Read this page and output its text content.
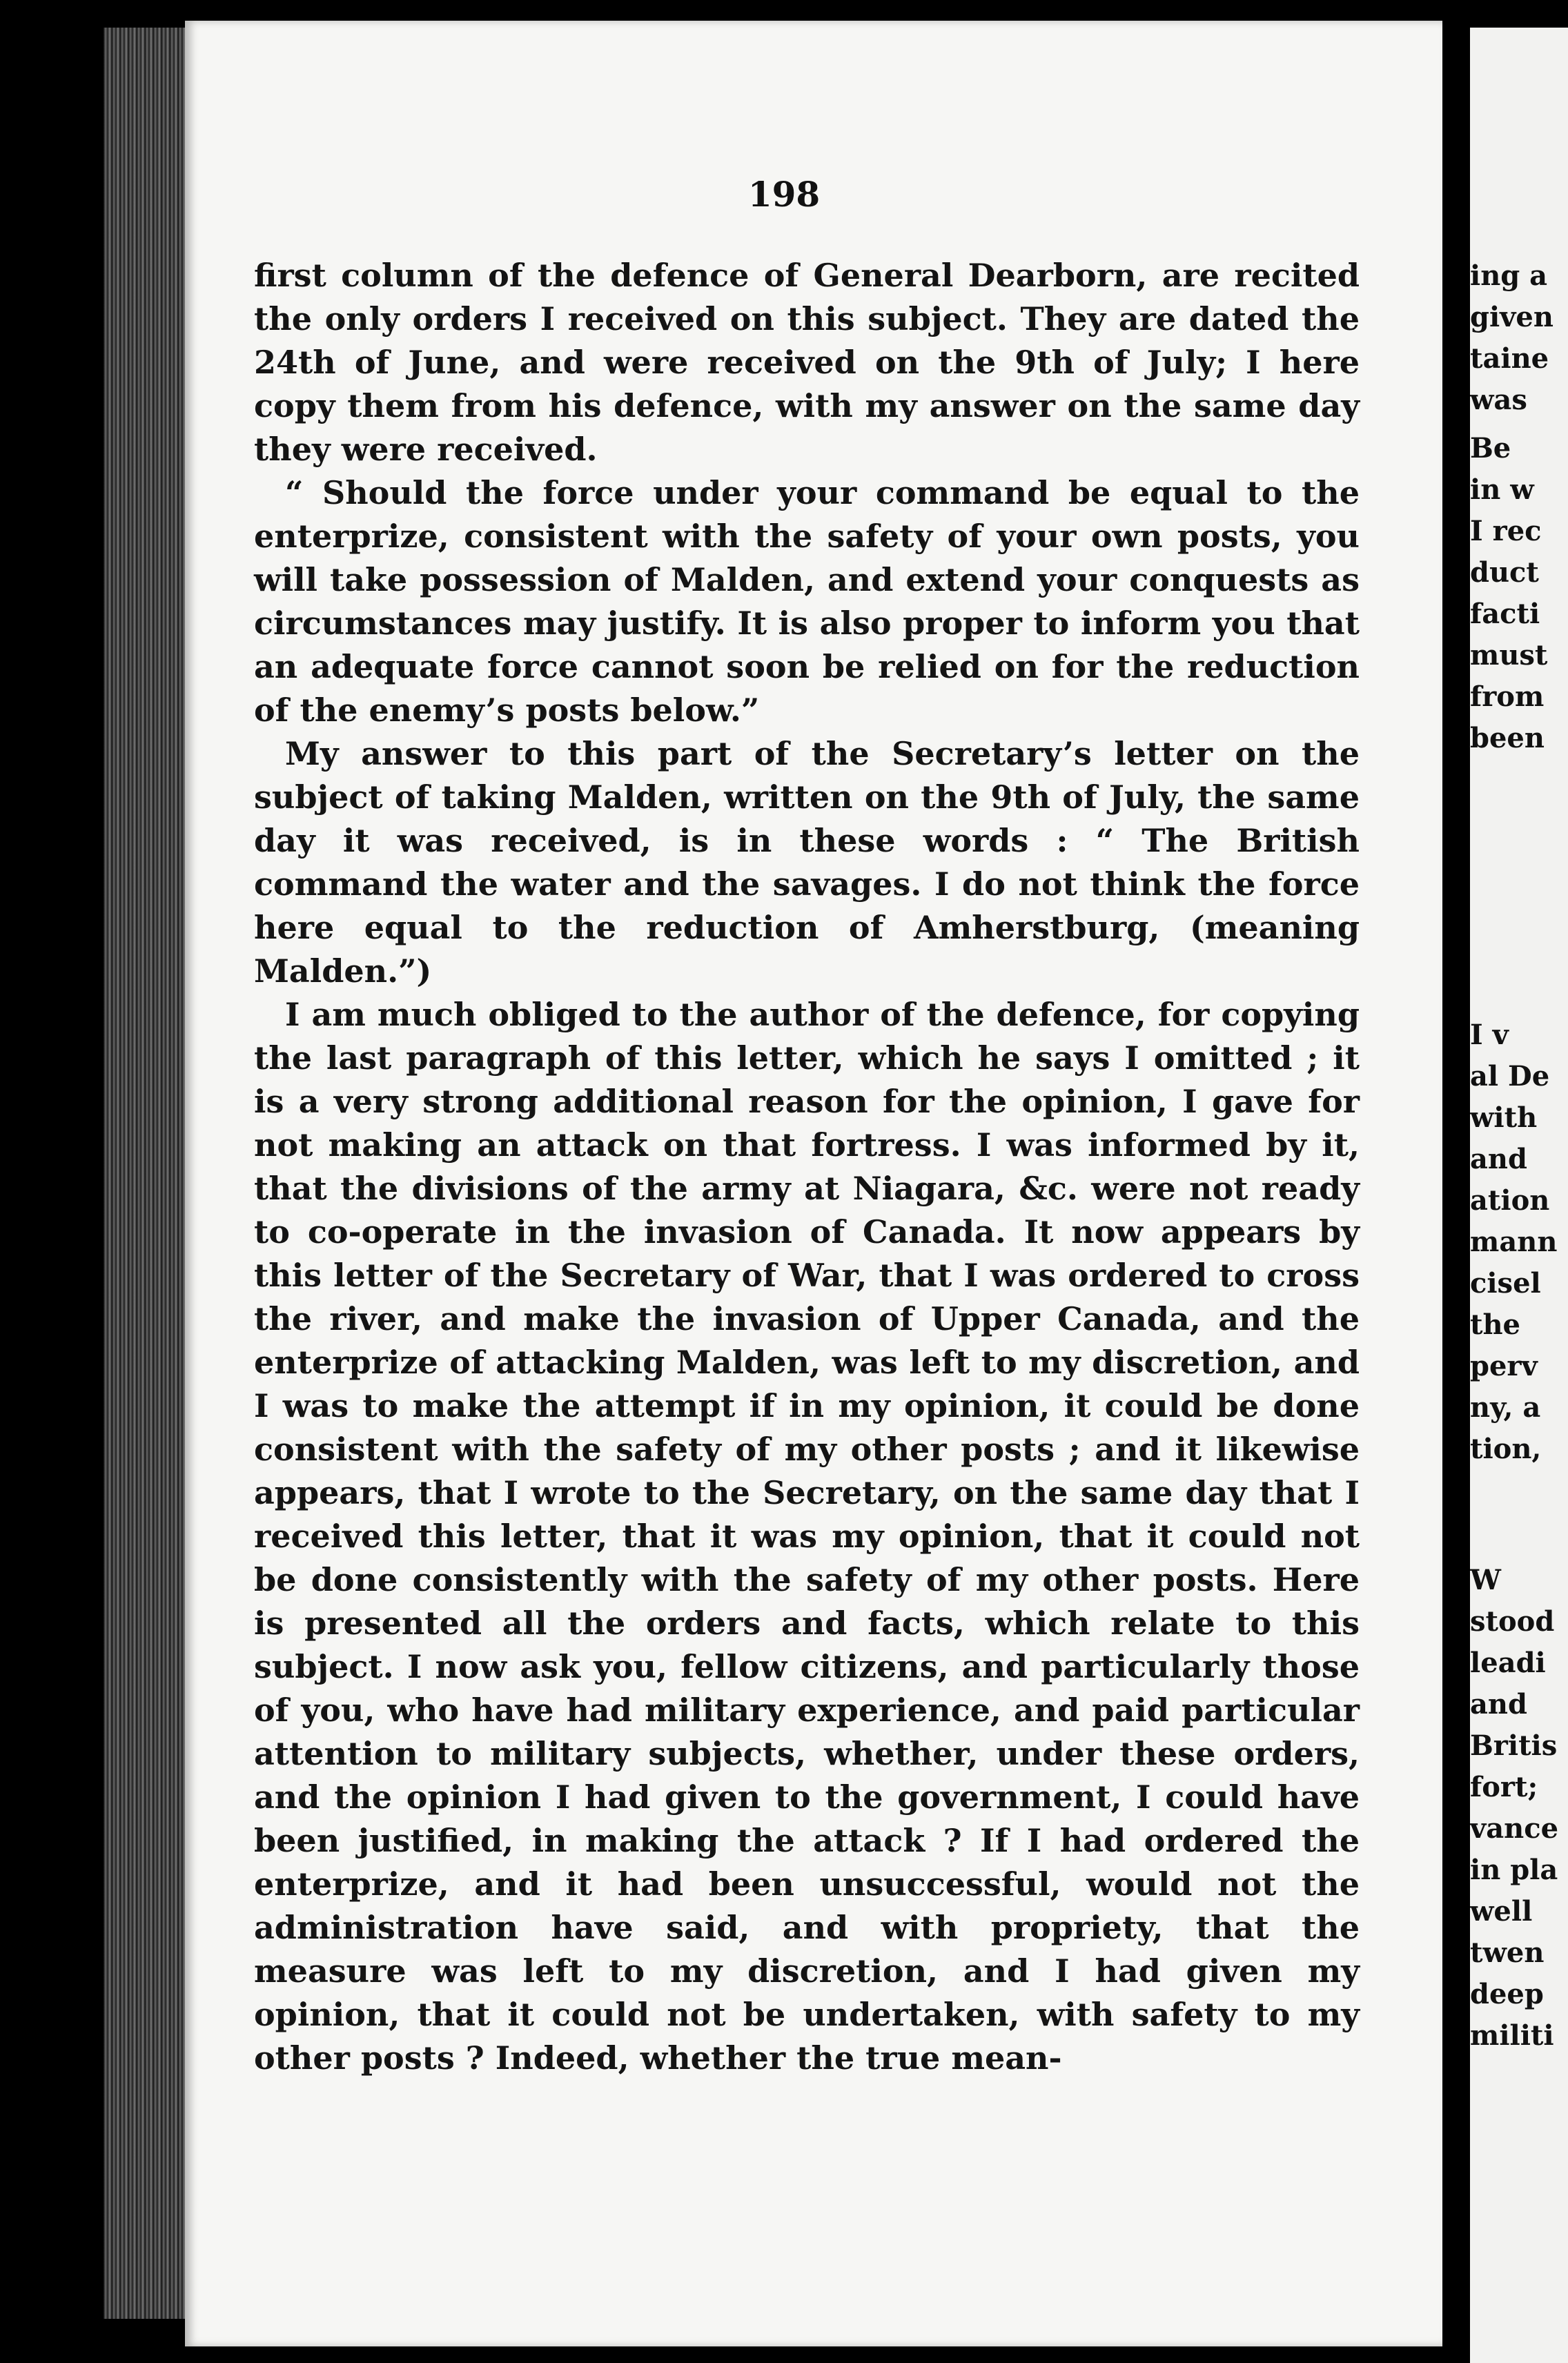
ing a
given
taine
was
Be
in w
I rec
duct
facti
must
from
been
I v
al De
with
and
ation
mann
cisel
the
perv
ny, a
tion,
W
stood
leadi
and
Britis
fort;
vance
in pla
well
twen
deep
militi
198

first column of the defence of General Dearborn, are recited the only orders I received on this subject. They are dated the 24th of June, and were received on the 9th of July; I here copy them from his defence, with my answer on the same day they were received.

“ Should the force under your command be equal to the enterprize, consistent with the safety of your own posts, you will take possession of Malden, and extend your conquests as circumstances may justify. It is also proper to inform you that an adequate force cannot soon be relied on for the reduction of the enemy’s posts below.”

My answer to this part of the Secretary’s letter on the subject of taking Malden, written on the 9th of July, the same day it was received, is in these words : “ The British command the water and the savages. I do not think the force here equal to the reduction of Amherstburg, (meaning Malden.”)

I am much obliged to the author of the defence, for copying the last paragraph of this letter, which he says I omitted ; it is a very strong additional reason for the opinion, I gave for not making an attack on that fortress. I was informed by it, that the divisions of the army at Niagara, &c. were not ready to co-operate in the invasion of Canada. It now appears by this letter of the Secretary of War, that I was ordered to cross the river, and make the invasion of Upper Canada, and the enterprize of attacking Malden, was left to my discretion, and I was to make the attempt if in my opinion, it could be done consistent with the safety of my other posts ; and it likewise appears, that I wrote to the Secretary, on the same day that I received this letter, that it was my opinion, that it could not be done consistently with the safety of my other posts. Here is presented all the orders and facts, which relate to this subject. I now ask you, fellow citizens, and particularly those of you, who have had military experience, and paid particular attention to military subjects, whether, under these orders, and the opinion I had given to the government, I could have been justified, in making the attack ? If I had ordered the enterprize, and it had been unsuccessful, would not the administration have said, and with propriety, that the measure was left to my discretion, and I had given my opinion, that it could not be undertaken, with safety to my other posts ? Indeed, whether the true mean-
